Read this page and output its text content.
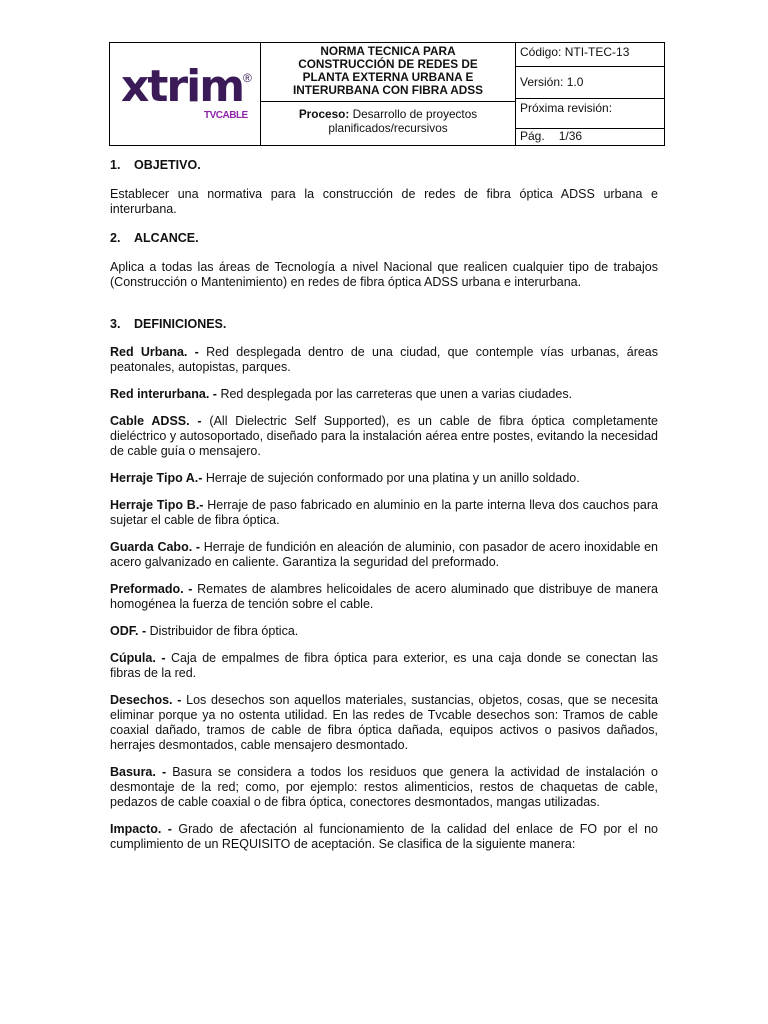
xtrim ®
TVCABLE
NORMA TECNICA PARA
CONSTRUCCIÓN DE REDES DE
PLANTA EXTERNA URBANA E
INTERURBANA CON FIBRA ADSS
Proceso: Desarrollo de proyectos planificados/recursivos
Código: NTI-TEC-13
Versión: 1.0
Próxima revisión:
Pág. 1/36

1. OBJETIVO.

Establecer una normativa para la construcción de redes de fibra óptica ADSS urbana e interurbana.

2. ALCANCE.

Aplica a todas las áreas de Tecnología a nivel Nacional que realicen cualquier tipo de trabajos (Construcción o Mantenimiento) en redes de fibra óptica ADSS urbana e interurbana.

3. DEFINICIONES.

Red Urbana. - Red desplegada dentro de una ciudad, que contemple vías urbanas, áreas peatonales, autopistas, parques.

Red interurbana. - Red desplegada por las carreteras que unen a varias ciudades.

Cable ADSS. - (All Dielectric Self Supported), es un cable de fibra óptica completamente dieléctrico y autosoportado, diseñado para la instalación aérea entre postes, evitando la necesidad de cable guía o mensajero.

Herraje Tipo A.- Herraje de sujeción conformado por una platina y un anillo soldado.

Herraje Tipo B.- Herraje de paso fabricado en aluminio en la parte interna lleva dos cauchos para sujetar el cable de fibra óptica.

Guarda Cabo. - Herraje de fundición en aleación de aluminio, con pasador de acero inoxidable en acero galvanizado en caliente. Garantiza la seguridad del preformado.

Preformado. - Remates de alambres helicoidales de acero aluminado que distribuye de manera homogénea la fuerza de tención sobre el cable.

ODF. - Distribuidor de fibra óptica.

Cúpula. - Caja de empalmes de fibra óptica para exterior, es una caja donde se conectan las fibras de la red.

Desechos. - Los desechos son aquellos materiales, sustancias, objetos, cosas, que se necesita eliminar porque ya no ostenta utilidad. En las redes de Tvcable desechos son: Tramos de cable coaxial dañado, tramos de cable de fibra óptica dañada, equipos activos o pasivos dañados, herrajes desmontados, cable mensajero desmontado.

Basura. - Basura se considera a todos los residuos que genera la actividad de instalación o desmontaje de la red; como, por ejemplo: restos alimenticios, restos de chaquetas de cable, pedazos de cable coaxial o de fibra óptica, conectores desmontados, mangas utilizadas.

Impacto. - Grado de afectación al funcionamiento de la calidad del enlace de FO por el no cumplimiento de un REQUISITO de aceptación. Se clasifica de la siguiente manera:
